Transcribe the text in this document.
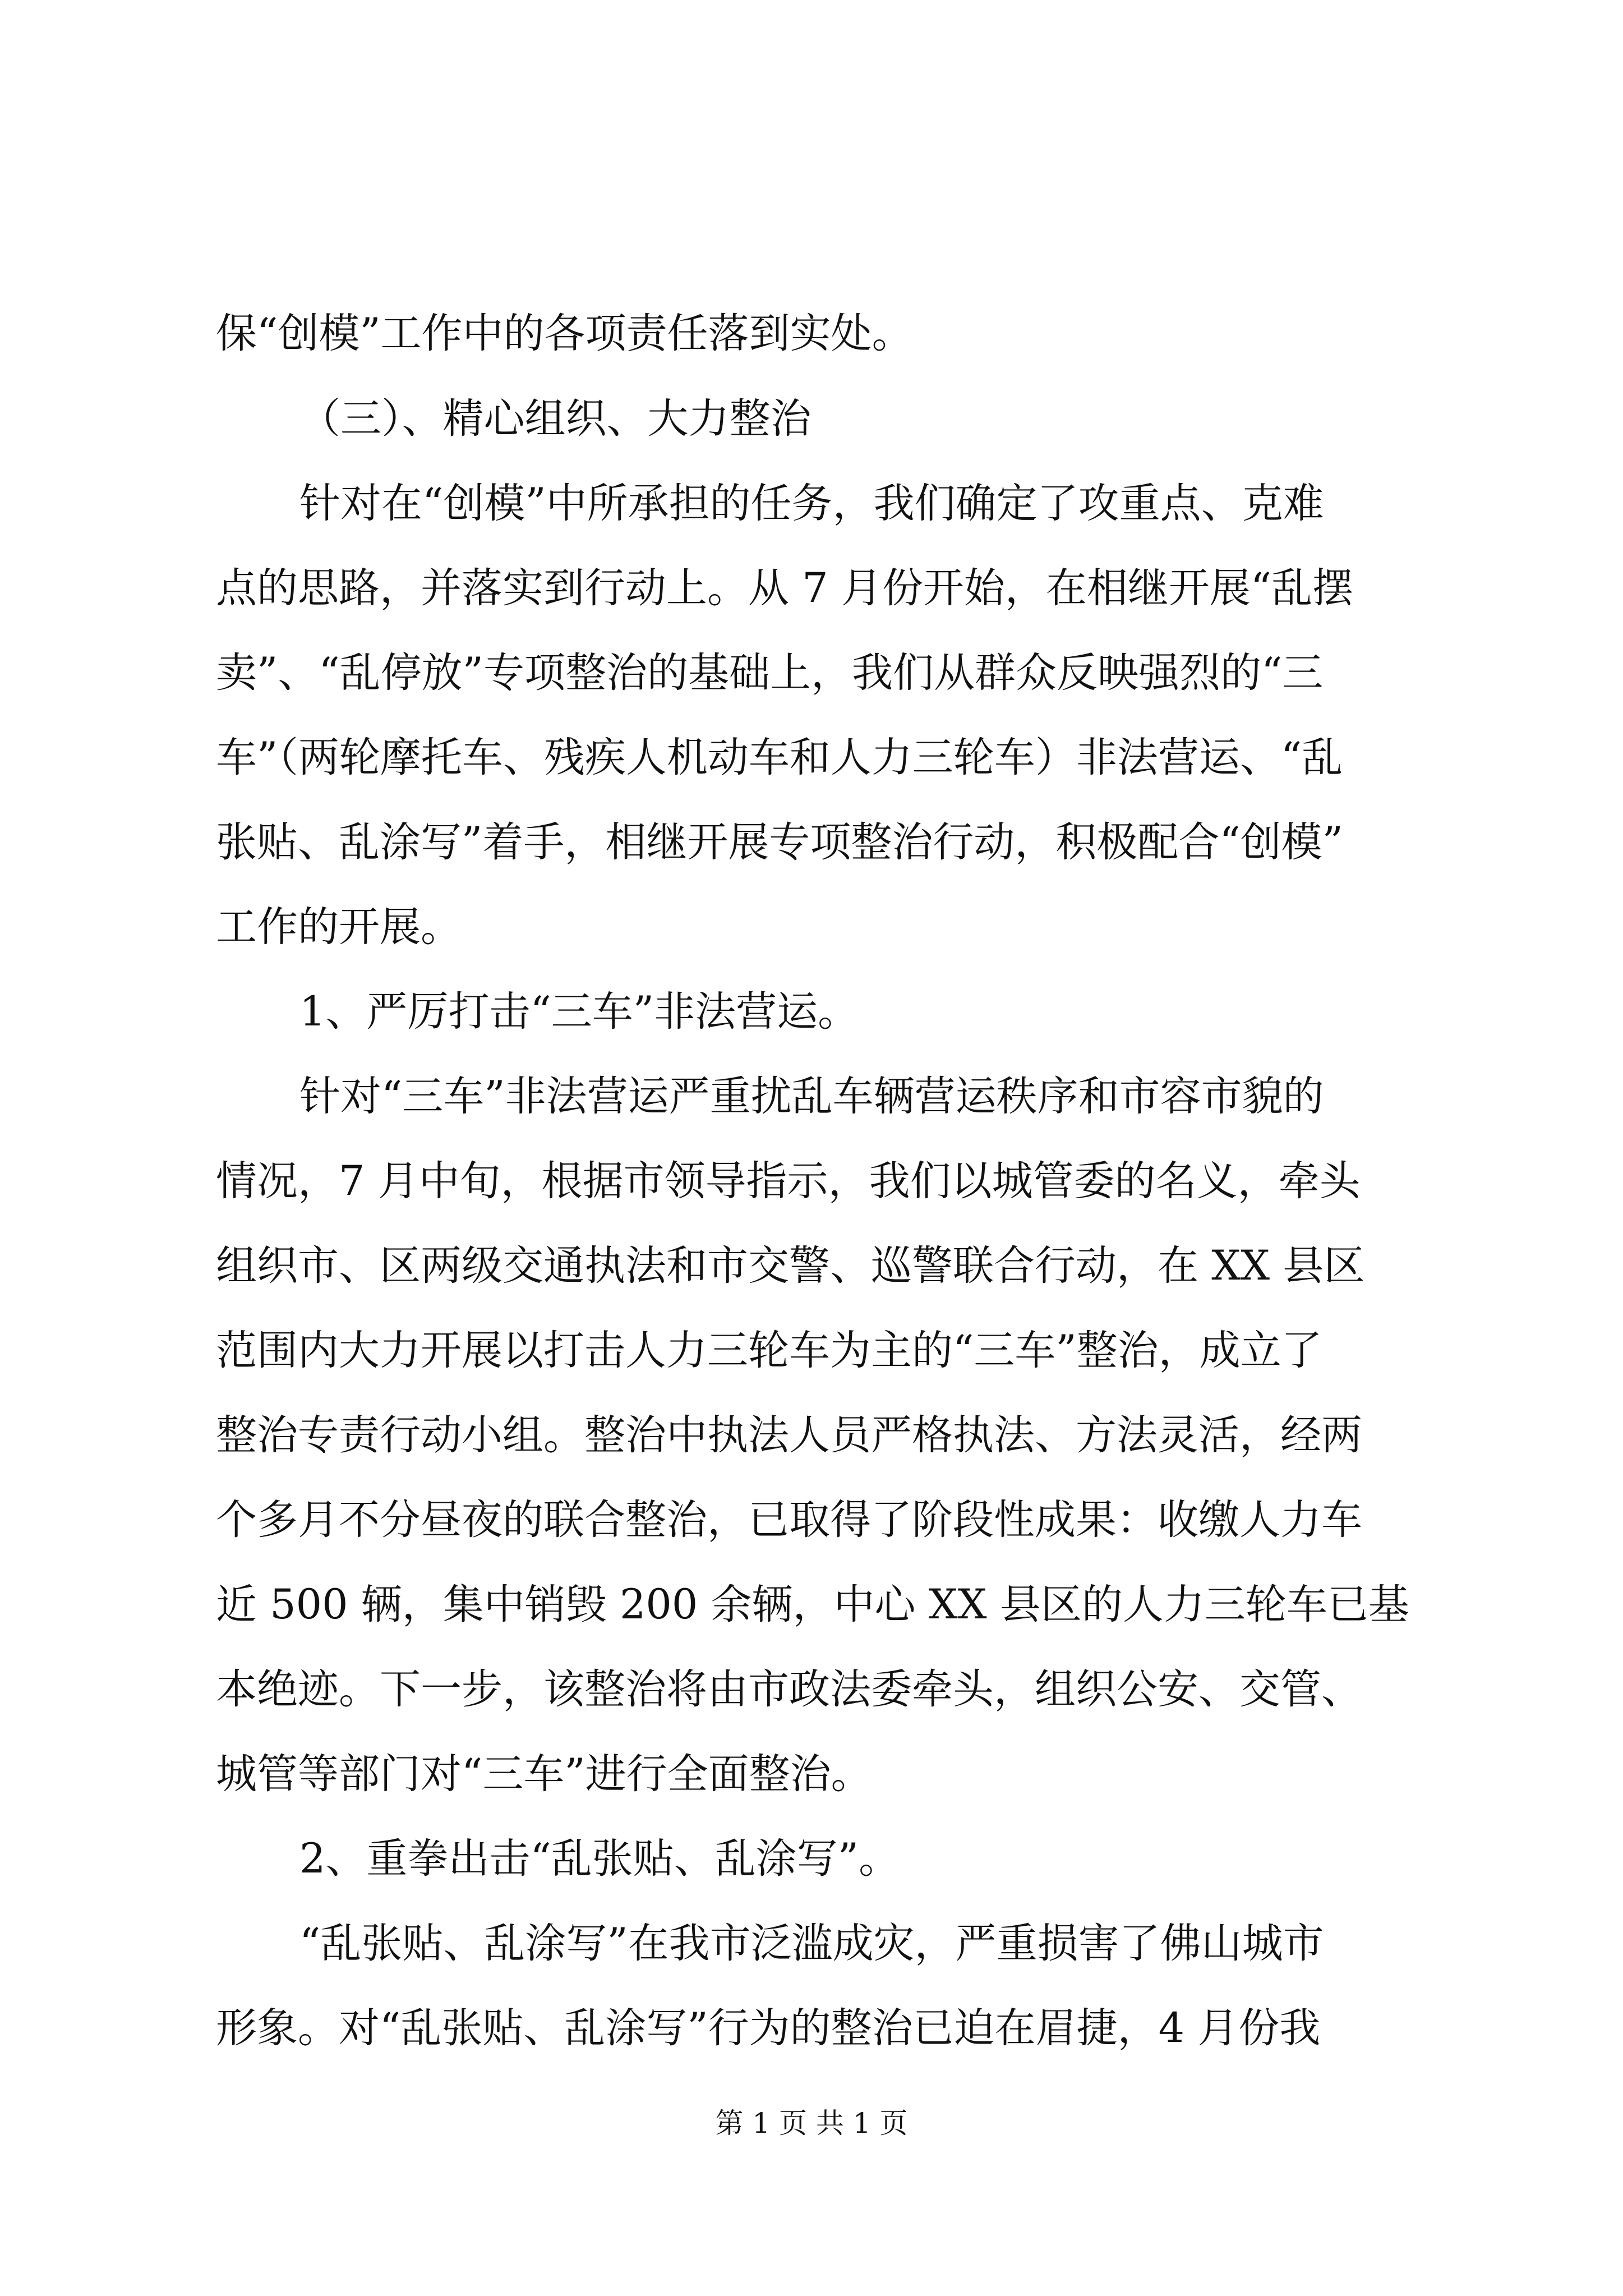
保“创模”工作中的各项责任落到实处。
（三）、精心组织、大力整治
针对在“创模”中所承担的任务，我们确定了攻重点、克难
点的思路，并落实到行动上。从 7 月份开始，在相继开展“乱摆
卖”、“乱停放”专项整治的基础上，我们从群众反映强烈的“三
车”（两轮摩托车、残疾人机动车和人力三轮车）非法营运、“乱
张贴、乱涂写”着手，相继开展专项整治行动，积极配合“创模”
工作的开展。
1、严厉打击“三车”非法营运。
针对“三车”非法营运严重扰乱车辆营运秩序和市容市貌的
情况，7 月中旬，根据市领导指示，我们以城管委的名义，牵头
组织市、区两级交通执法和市交警、巡警联合行动，在 XX 县区
范围内大力开展以打击人力三轮车为主的“三车”整治，成立了
整治专责行动小组。整治中执法人员严格执法、方法灵活，经两
个多月不分昼夜的联合整治，已取得了阶段性成果：收缴人力车
近 500 辆，集中销毁 200 余辆，中心 XX 县区的人力三轮车已基
本绝迹。下一步，该整治将由市政法委牵头，组织公安、交管、
城管等部门对“三车”进行全面整治。
2、重拳出击“乱张贴、乱涂写”。
“乱张贴、乱涂写”在我市泛滥成灾，严重损害了佛山城市
形象。对“乱张贴、乱涂写”行为的整治已迫在眉捷，4 月份我
第 1 页 共 1 页
